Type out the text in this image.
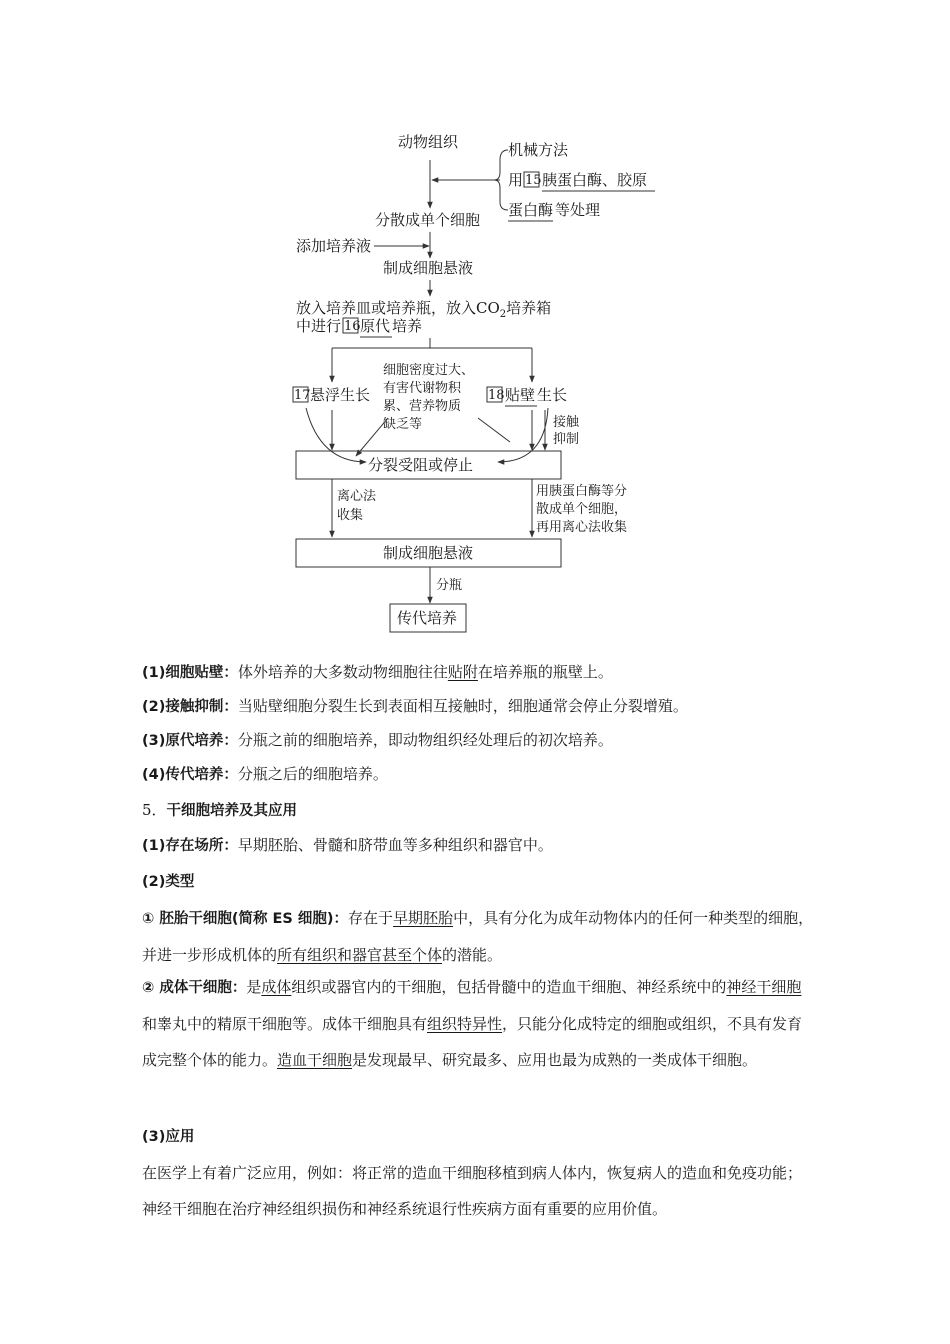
动物组织	机械方法
用 15 胰蛋白酶、胶原
蛋白酶 等处理
分散成单个细胞
添加培养液
制成细胞悬液
放入培养皿或培养瓶，放入$CO_2$培养箱
中进行 16 原代 培养
17 悬浮生长	18 贴壁 生长
细胞密度过大、
有害代谢物积
累、营养物质
缺乏等	接触
抑制
分裂受阻或停止
离心法
收集
用胰蛋白酶等分
散成单个细胞，
再用离心法收集
制成细胞悬液
分瓶
传代培养

(1)细胞贴壁：体外培养的大多数动物细胞往往贴附在培养瓶的瓶壁上。

(2)接触抑制：当贴壁细胞分裂生长到表面相互接触时，细胞通常会停止分裂增殖。

(3)原代培养：分瓶之前的细胞培养，即动物组织经处理后的初次培养。

(4)传代培养：分瓶之后的细胞培养。

5．干细胞培养及其应用

(1)存在场所：早期胚胎、骨髓和脐带血等多种组织和器官中。

(2)类型

① 胚胎干细胞(简称 ES 细胞)：存在于早期胚胎中，具有分化为成年动物体内的任何一种类型的细胞，并进一步形成机体的所有组织和器官甚至个体的潜能。

② 成体干细胞：是成体组织或器官内的干细胞，包括骨髓中的造血干细胞、神经系统中的神经干细胞和睾丸中的精原干细胞等。成体干细胞具有组织特异性，只能分化成特定的细胞或组织，不具有发育成完整个体的能力。造血干细胞是发现最早、研究最多、应用也最为成熟的一类成体干细胞。

(3)应用

在医学上有着广泛应用，例如：将正常的造血干细胞移植到病人体内，恢复病人的造血和免疫功能；神经干细胞在治疗神经组织损伤和神经系统退行性疾病方面有重要的应用价值。
